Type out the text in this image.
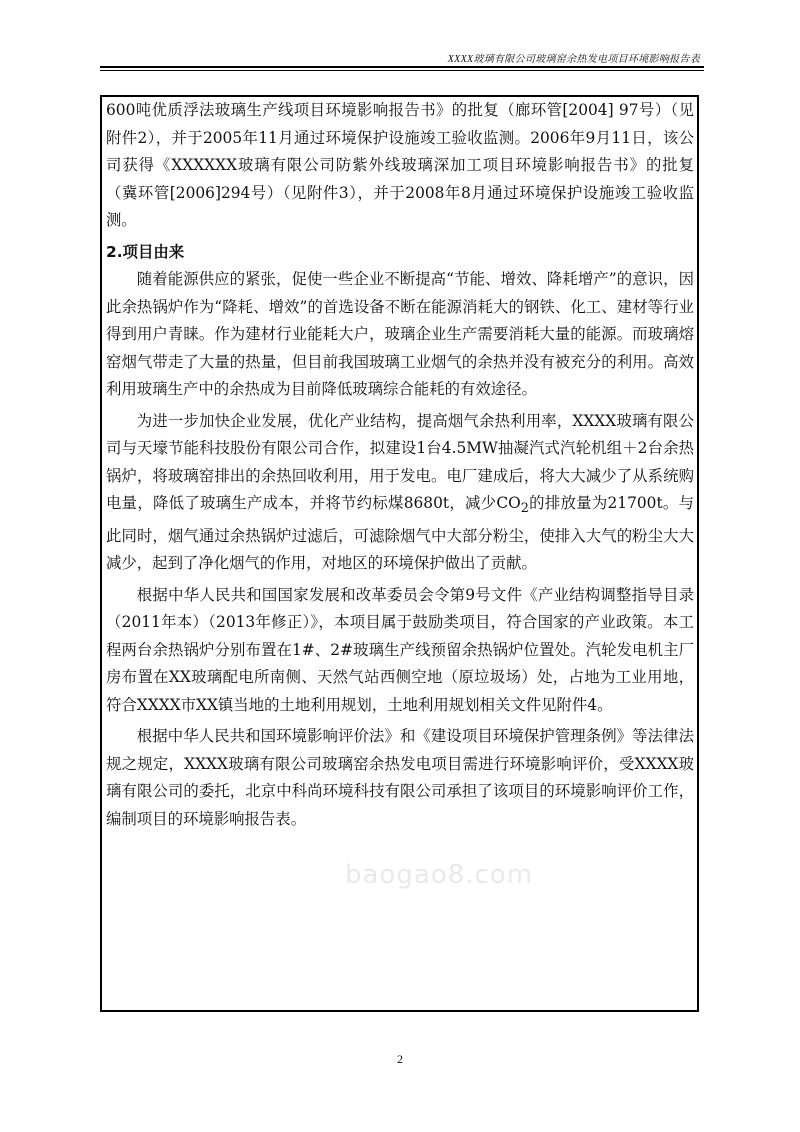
XXXX玻璃有限公司玻璃窑余热发电项目环境影响报告表

600吨优质浮法玻璃生产线项目环境影响报告书》的批复（廊环管[2004] 97号）（见附件2），并于2005年11月通过环境保护设施竣工验收监测。2006年9月11日，该公司获得《XXXXXX玻璃有限公司防紫外线玻璃深加工项目环境影响报告书》的批复（冀环管[2006]294号）（见附件3），并于2008年8月通过环境保护设施竣工验收监测。

2.项目由来

随着能源供应的紧张，促使一些企业不断提高“节能、增效、降耗增产”的意识，因此余热锅炉作为“降耗、增效”的首选设备不断在能源消耗大的钢铁、化工、建材等行业得到用户青睐。作为建材行业能耗大户，玻璃企业生产需要消耗大量的能源。而玻璃熔窑烟气带走了大量的热量，但目前我国玻璃工业烟气的余热并没有被充分的利用。高效利用玻璃生产中的余热成为目前降低玻璃综合能耗的有效途径。

为进一步加快企业发展，优化产业结构，提高烟气余热利用率，XXXX玻璃有限公司与天壕节能科技股份有限公司合作，拟建设1台4.5MW抽凝汽式汽轮机组＋2台余热锅炉，将玻璃窑排出的余热回收利用，用于发电。电厂建成后，将大大减少了从系统购电量，降低了玻璃生产成本，并将节约标煤8680t，减少$CO_2$的排放量为21700t。与此同时，烟气通过余热锅炉过滤后，可滤除烟气中大部分粉尘，使排入大气的粉尘大大减少，起到了净化烟气的作用，对地区的环境保护做出了贡献。

根据中华人民共和国国家发展和改革委员会令第9号文件《产业结构调整指导目录（2011年本）（2013年修正）》，本项目属于鼓励类项目，符合国家的产业政策。本工程两台余热锅炉分别布置在1#、2#玻璃生产线预留余热锅炉位置处。汽轮发电机主厂房布置在XX玻璃配电所南侧、天然气站西侧空地（原垃圾场）处，占地为工业用地，符合XXXX市XX镇当地的土地利用规划，土地利用规划相关文件见附件4。

根据中华人民共和国环境影响评价法》和《建设项目环境保护管理条例》等法律法规之规定，XXXX玻璃有限公司玻璃窑余热发电项目需进行环境影响评价，受XXXX玻璃有限公司的委托，北京中科尚环境科技有限公司承担了该项目的环境影响评价工作，编制项目的环境影响报告表。

baogao8.com
2
